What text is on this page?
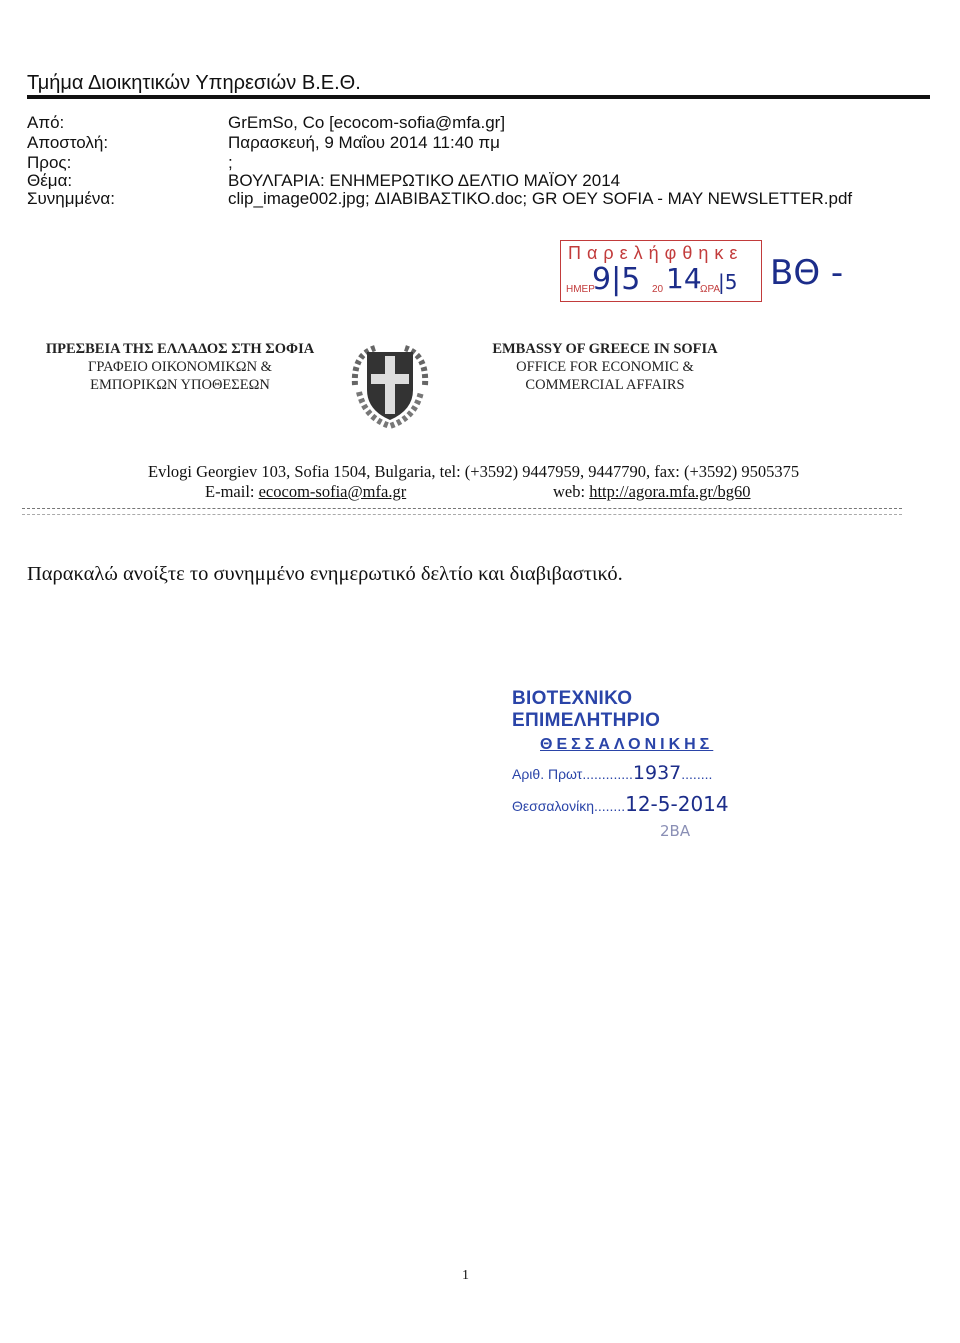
Τμήμα Διοικητικών Υπηρεσιών Β.Ε.Θ.
Από:	GrEmSo, Co [ecocom-sofia@mfa.gr]
Αποστολή:	Παρασκευή, 9 Μαΐου 2014 11:40 πμ
Προς:	;
Θέμα:	ΒΟΥΛΓΑΡΙΑ: ΕΝΗΜΕΡΩΤΙΚΟ ΔΕΛΤΙΟ ΜΑΪΟΥ 2014
Συνημμένα:	clip_image002.jpg; ΔΙΑΒΙΒΑΣΤΙΚΟ.doc; GR OEY SOFIA - MAY NEWSLETTER.pdf
Παρελήφθηκε
ΗΜΕΡ
9|5 20 14
ΩΡΑ
|5 ΒΘ -
ΠΡΕΣΒΕΙΑ ΤΗΣ ΕΛΛΑΔΟΣ ΣΤΗ ΣΟΦΙΑ
ΓΡΑΦΕΙΟ ΟΙΚΟΝΟΜΙΚΩΝ &
ΕΜΠΟΡΙΚΩΝ ΥΠΟΘΕΣΕΩΝ
EMBASSY OF GREECE IN SOFIA
OFFICE FOR ECONOMIC &
COMMERCIAL AFFAIRS
Evlogi Georgiev 103, Sofia 1504, Bulgaria, tel: (+3592) 9447959, 9447790, fax: (+3592) 9505375
E-mail: ecocom-sofia@mfa.gr	web: http://agora.mfa.gr/bg60
Παρακαλώ ανοίξτε το συνημμένο ενημερωτικό δελτίο και διαβιβαστικό.
ΒΙΟΤΕΧΝΙΚΟ ΕΠΙΜΕΛΗΤΗΡΙΟ
ΘΕΣΣΑΛΟΝΙΚΗΣ
Αριθ. Πρωτ.............1937........
Θεσσαλονίκη........12-5-2014
2ΒΑ
1
